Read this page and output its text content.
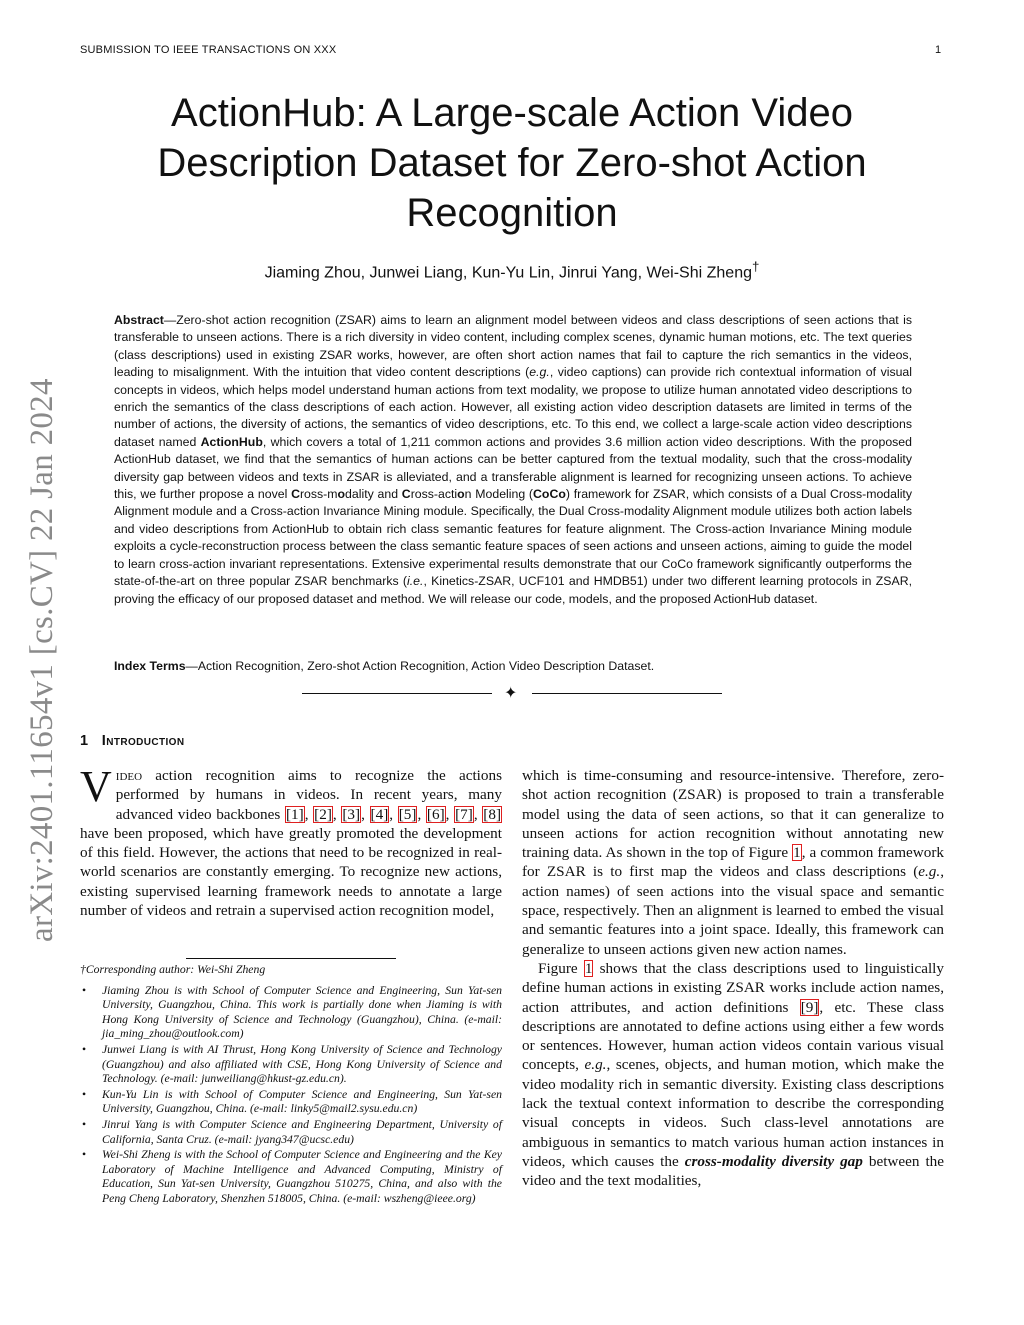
SUBMISSION TO IEEE TRANSACTIONS ON XXX	1
arXiv:2401.11654v1 [cs.CV] 22 Jan 2024
ActionHub: A Large-scale Action Video Description Dataset for Zero-shot Action Recognition
Jiaming Zhou, Junwei Liang, Kun-Yu Lin, Jinrui Yang, Wei-Shi Zheng†
Abstract—Zero-shot action recognition (ZSAR) aims to learn an alignment model between videos and class descriptions of seen actions that is transferable to unseen actions. There is a rich diversity in video content, including complex scenes, dynamic human motions, etc. The text queries (class descriptions) used in existing ZSAR works, however, are often short action names that fail to capture the rich semantics in the videos, leading to misalignment. With the intuition that video content descriptions (e.g., video captions) can provide rich contextual information of visual concepts in videos, which helps model understand human actions from text modality, we propose to utilize human annotated video descriptions to enrich the semantics of the class descriptions of each action. However, all existing action video description datasets are limited in terms of the number of actions, the diversity of actions, the semantics of video descriptions, etc. To this end, we collect a large-scale action video descriptions dataset named ActionHub, which covers a total of 1,211 common actions and provides 3.6 million action video descriptions. With the proposed ActionHub dataset, we find that the semantics of human actions can be better captured from the textual modality, such that the cross-modality diversity gap between videos and texts in ZSAR is alleviated, and a transferable alignment is learned for recognizing unseen actions. To achieve this, we further propose a novel Cross-modality and Cross-action Modeling (CoCo) framework for ZSAR, which consists of a Dual Cross-modality Alignment module and a Cross-action Invariance Mining module. Specifically, the Dual Cross-modality Alignment module utilizes both action labels and video descriptions from ActionHub to obtain rich class semantic features for feature alignment. The Cross-action Invariance Mining module exploits a cycle-reconstruction process between the class semantic feature spaces of seen actions and unseen actions, aiming to guide the model to learn cross-action invariant representations. Extensive experimental results demonstrate that our CoCo framework significantly outperforms the state-of-the-art on three popular ZSAR benchmarks (i.e., Kinetics-ZSAR, UCF101 and HMDB51) under two different learning protocols in ZSAR, proving the efficacy of our proposed dataset and method. We will release our code, models, and the proposed ActionHub dataset.
Index Terms—Action Recognition, Zero-shot Action Recognition, Action Video Description Dataset.
✦
1 Introduction

Video action recognition aims to recognize the actions performed by humans in videos. In recent years, many advanced video backbones [1], [2], [3], [4], [5], [6], [7], [8] have been proposed, which have greatly promoted the development of this field. However, the actions that need to be recognized in real-world scenarios are constantly emerging. To recognize new actions, existing supervised learning framework needs to annotate a large number of videos and retrain a supervised action recognition model,

†Corresponding author: Wei-Shi Zheng
• Jiaming Zhou is with School of Computer Science and Engineering, Sun Yat-sen University, Guangzhou, China. This work is partially done when Jiaming is with Hong Kong University of Science and Technology (Guangzhou), China. (e-mail: jia_ming_zhou@outlook.com)
• Junwei Liang is with AI Thrust, Hong Kong University of Science and Technology (Guangzhou) and also affiliated with CSE, Hong Kong University of Science and Technology. (e-mail: junweiliang@hkust-gz.edu.cn).
• Kun-Yu Lin is with School of Computer Science and Engineering, Sun Yat-sen University, Guangzhou, China. (e-mail: linky5@mail2.sysu.edu.cn)
• Jinrui Yang is with Computer Science and Engineering Department, University of California, Santa Cruz. (e-mail: jyang347@ucsc.edu)
• Wei-Shi Zheng is with the School of Computer Science and Engineering and the Key Laboratory of Machine Intelligence and Advanced Computing, Ministry of Education, Sun Yat-sen University, Guangzhou 510275, China, and also with the Peng Cheng Laboratory, Shenzhen 518005, China. (e-mail: wszheng@ieee.org)

which is time-consuming and resource-intensive. Therefore, zero-shot action recognition (ZSAR) is proposed to train a transferable model using the data of seen actions, so that it can generalize to unseen actions for action recognition without annotating new training data. As shown in the top of Figure 1, a common framework for ZSAR is to first map the videos and class descriptions (e.g., action names) of seen actions into the visual space and semantic space, respectively. Then an alignment is learned to embed the visual and semantic features into a joint space. Ideally, this framework can generalize to unseen actions given new action names.

Figure 1 shows that the class descriptions used to linguistically define human actions in existing ZSAR works include action names, action attributes, and action definitions [9], etc. These class descriptions are annotated to define actions using either a few words or sentences. However, human action videos contain various visual concepts, e.g., scenes, objects, and human motion, which make the video modality rich in semantic diversity. Existing class descriptions lack the textual context information to describe the corresponding visual concepts in videos. Such class-level annotations are ambiguous in semantics to match various human action instances in videos, which causes the cross-modality diversity gap between the video and the text modalities,
